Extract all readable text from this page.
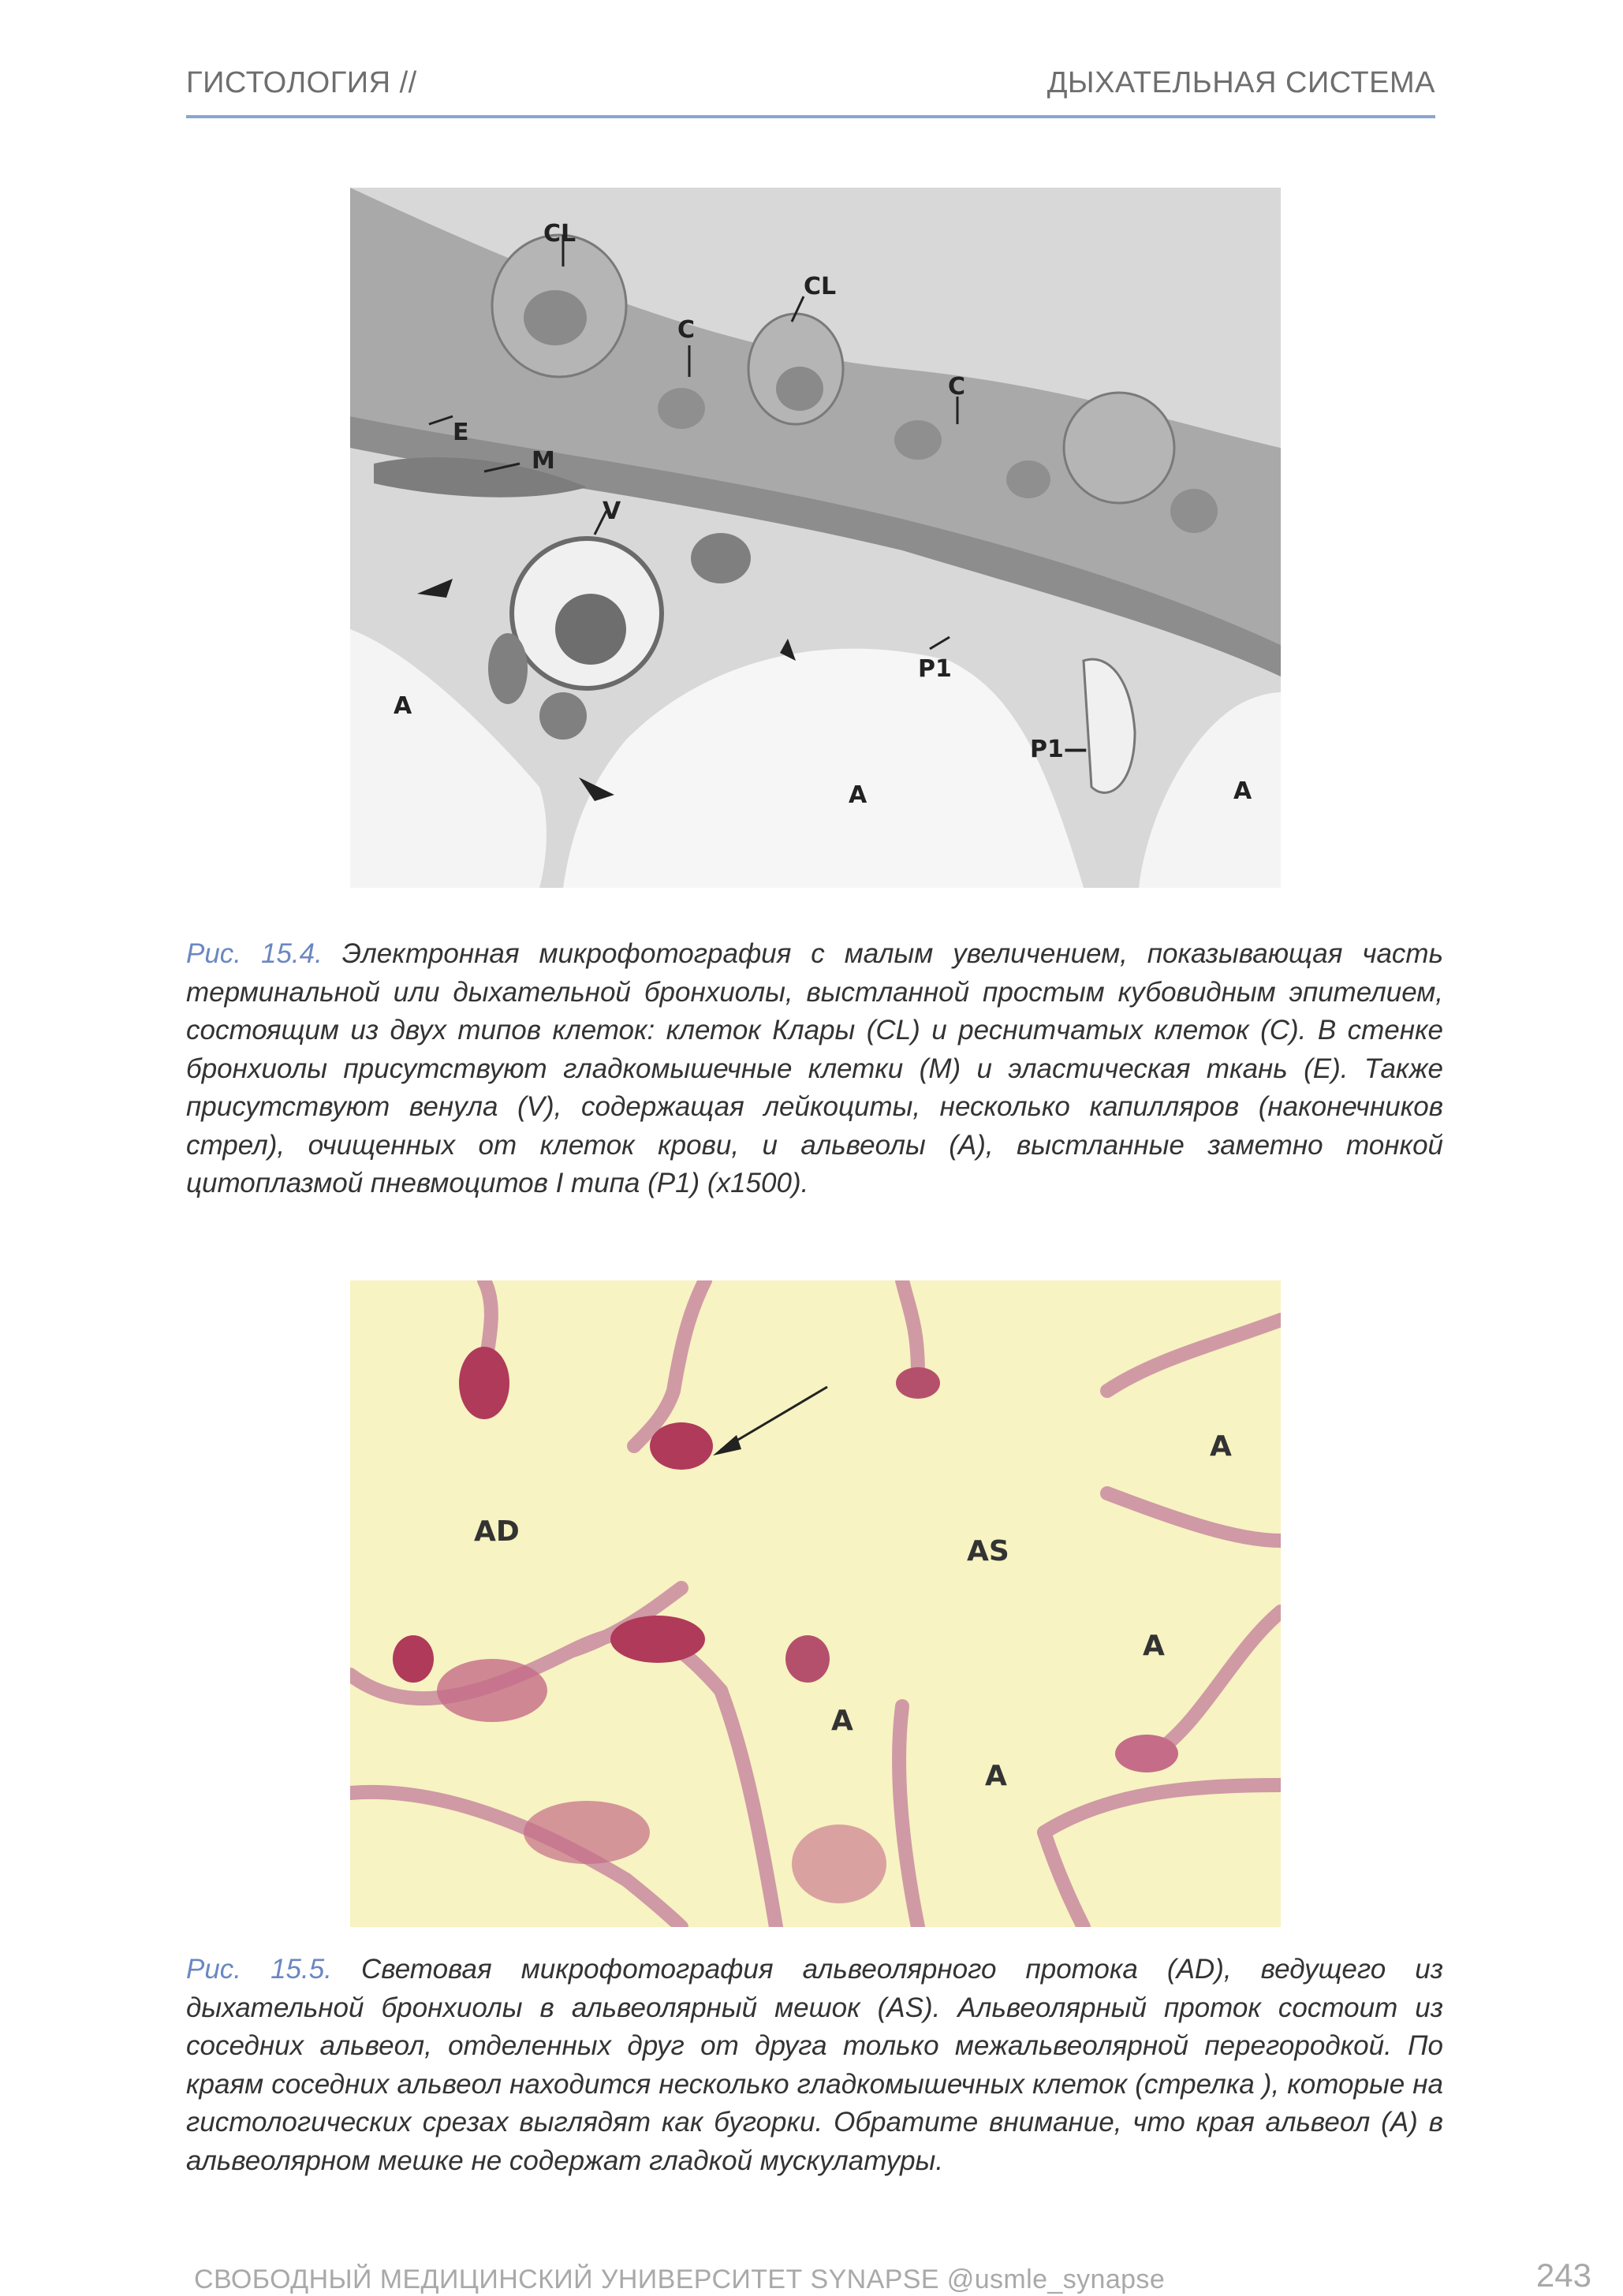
ГИСТОЛОГИЯ //	ДЫХАТЕЛЬНАЯ СИСТЕМА
CL
CL
C
C
E
M
V
P1
P1—
A
A	A
Рис. 15.4. Электронная микрофотография с малым увеличением, показывающая часть терминальной или дыхательной бронхиолы, выстланной простым кубовидным эпителием, состоящим из двух типов клеток: клеток Клары (CL) и реснитчатых клеток (C). В стенке бронхиолы присутствуют гладкомышечные клетки (M) и эластическая ткань (E). Также присутствуют венула (V), содержащая лейкоциты, несколько капилляров (наконечников стрел), очищенных от клеток крови, и альвеолы (A), выстланные заметно тонкой цитоплазмой пневмоцитов I типа (P1) (x1500).
AD
AS
A
A
A
A
Рис. 15.5. Световая микрофотография альвеолярного протока (AD), ведущего из дыхательной бронхиолы в альвеолярный мешок (AS). Альвеолярный проток состоит из соседних альвеол, отделенных друг от друга только межальвеолярной перегородкой. По краям соседних альвеол находится несколько гладкомышечных клеток (стрелка ), которые на гистологических срезах выглядят как бугорки. Обратите внимание, что края альвеол (A) в альвеолярном мешке не содержат гладкой мускулатуры.
СВОБОДНЫЙ МЕДИЦИНСКИЙ УНИВЕРСИТЕТ SYNAPSE @usmle_synapse	243
